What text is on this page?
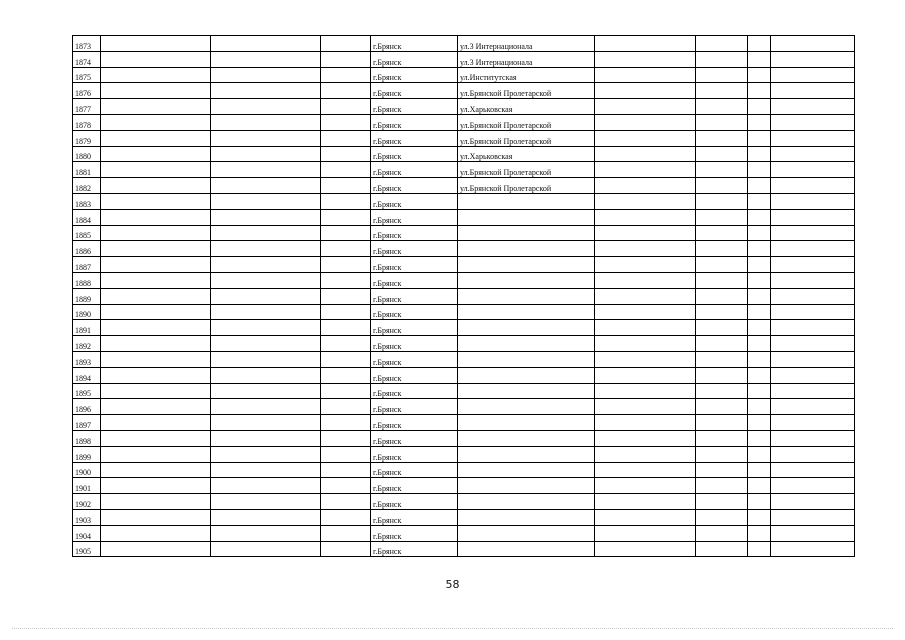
1873				г.Брянск	ул.3 Интернационала				
1874				г.Брянск	ул.3 Интернационала				
1875				г.Брянск	ул.Институтская				
1876				г.Брянск	ул.Брянской Пролетарской				
1877				г.Брянск	ул.Харьковская				
1878				г.Брянск	ул.Брянской Пролетарской				
1879				г.Брянск	ул.Брянской Пролетарской				
1880				г.Брянск	ул.Харьковская				
1881				г.Брянск	ул.Брянской Пролетарской				
1882				г.Брянск	ул.Брянской Пролетарской				
1883				г.Брянск					
1884				г.Брянск					
1885				г.Брянск					
1886				г.Брянск					
1887				г.Брянск					
1888				г.Брянск					
1889				г.Брянск					
1890				г.Брянск					
1891				г.Брянск					
1892				г.Брянск					
1893				г.Брянск					
1894				г.Брянск					
1895				г.Брянск					
1896				г.Брянск					
1897				г.Брянск					
1898				г.Брянск					
1899				г.Брянск					
1900				г.Брянск					
1901				г.Брянск					
1902				г.Брянск					
1903				г.Брянск					
1904				г.Брянск					
1905				г.Брянск					
58
